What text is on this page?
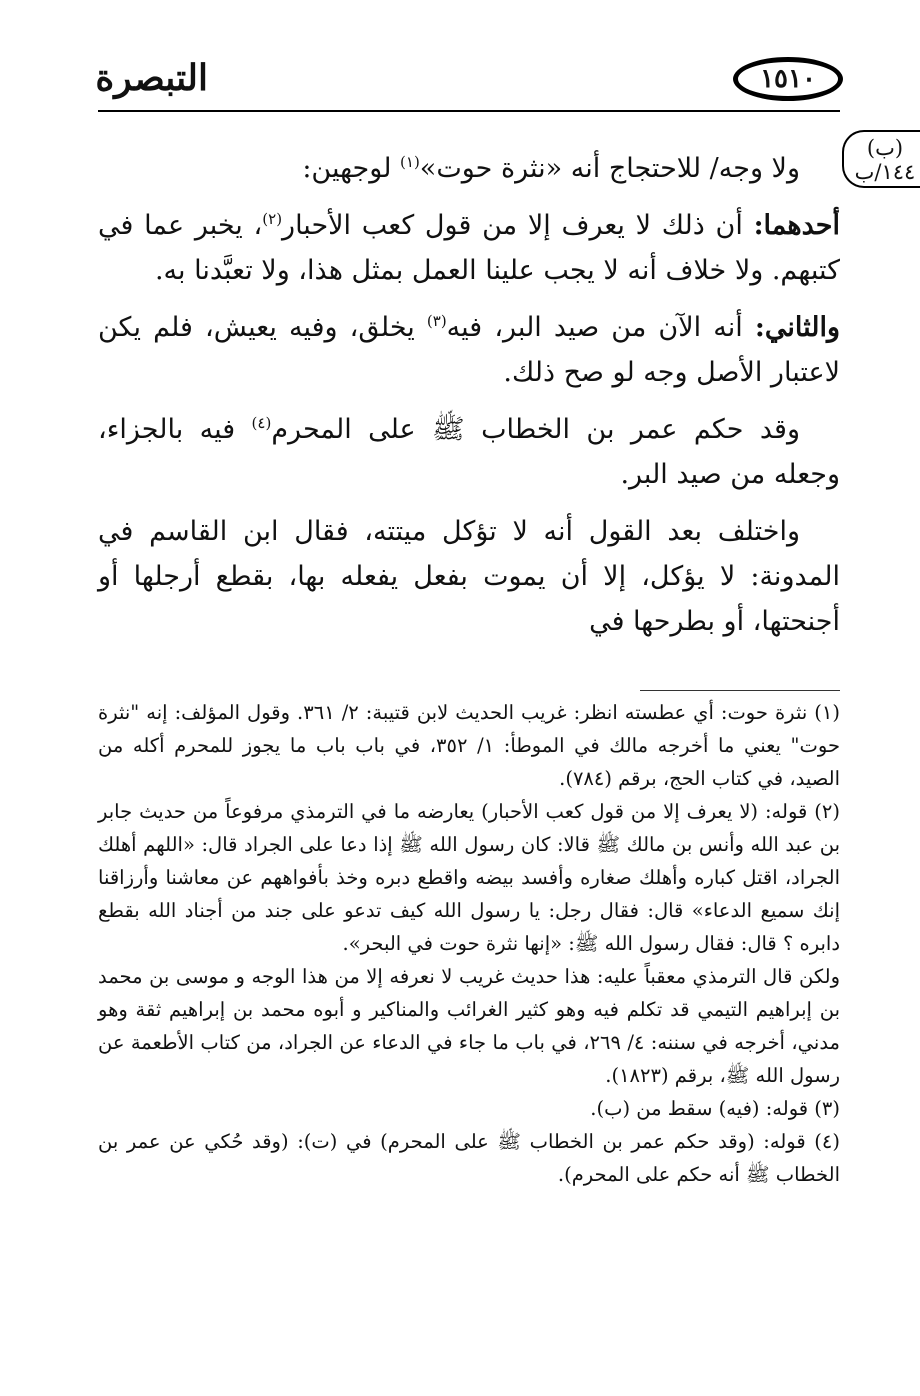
التبصرة	١٥١٠
(ب)
١٤٤/ب

ولا وجه/ للاحتجاج أنه «نثرة حوت»$^{(١)}$ لوجهين:

أحدهما: أن ذلك لا يعرف إلا من قول كعب الأحبار$^{(٢)}$، يخبر عما في كتبهم. ولا خلاف أنه لا يجب علينا العمل بمثل هذا، ولا تعبَّدنا به.

والثاني: أنه الآن من صيد البر، فيه$^{(٣)}$ يخلق، وفيه يعيش، فلم يكن لاعتبار الأصل وجه لو صح ذلك.

وقد حكم عمر بن الخطاب ﷺ على المحرم$^{(٤)}$ فيه بالجزاء، وجعله من صيد البر.

واختلف بعد القول أنه لا تؤكل ميتته، فقال ابن القاسم في المدونة: لا يؤكل، إلا أن يموت بفعل يفعله بها، بقطع أرجلها أو أجنحتها، أو بطرحها في

(١) نثرة حوت: أي عطسته انظر: غريب الحديث لابن قتيبة: ٢/ ٣٦١. وقول المؤلف: إنه "نثرة حوت" يعني ما أخرجه مالك في الموطأ: ١/ ٣٥٢، في باب باب ما يجوز للمحرم أكله من الصيد، في كتاب الحج، برقم (٧٨٤).

(٢) قوله: (لا يعرف إلا من قول كعب الأحبار) يعارضه ما في الترمذي مرفوعاً من حديث جابر بن عبد الله وأنس بن مالك ﷺ قالا: كان رسول الله ﷺ إذا دعا على الجراد قال: «اللهم أهلك الجراد، اقتل كباره وأهلك صغاره وأفسد بيضه واقطع دبره وخذ بأفواههم عن معاشنا وأرزاقنا إنك سميع الدعاء» قال: فقال رجل: يا رسول الله كيف تدعو على جند من أجناد الله بقطع دابره ؟ قال: فقال رسول الله ﷺ: «إنها نثرة حوت في البحر».

ولكن قال الترمذي معقباً عليه: هذا حديث غريب لا نعرفه إلا من هذا الوجه و موسى بن محمد بن إبراهيم التيمي قد تكلم فيه وهو كثير الغرائب والمناكير و أبوه محمد بن إبراهيم ثقة وهو مدني، أخرجه في سننه: ٤/ ٢٦٩، في باب ما جاء في الدعاء عن الجراد، من كتاب الأطعمة عن رسول الله ﷺ، برقم (١٨٢٣).

(٣) قوله: (فيه) سقط من (ب).

(٤) قوله: (وقد حكم عمر بن الخطاب ﷺ على المحرم) في (ت): (وقد حُكي عن عمر بن الخطاب ﷺ أنه حكم على المحرم).
